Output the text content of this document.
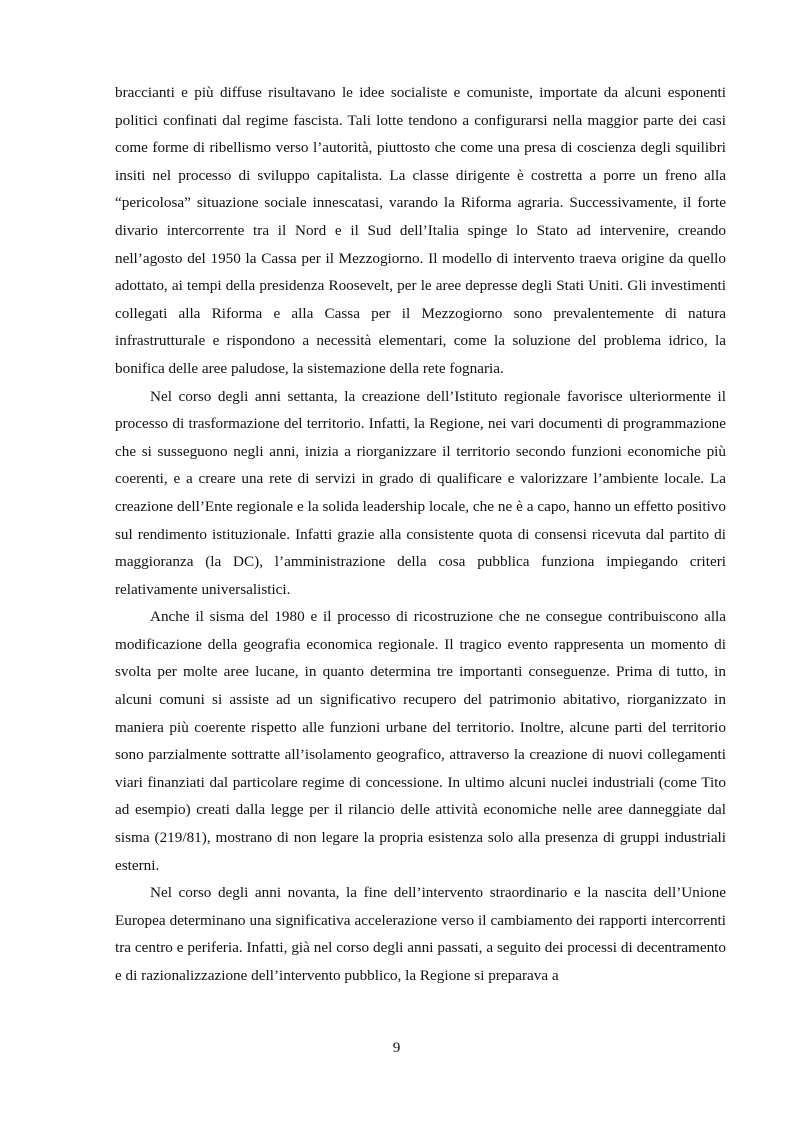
braccianti e più diffuse risultavano le idee socialiste e comuniste, importate da alcuni esponenti politici confinati dal regime fascista. Tali lotte tendono a configurarsi nella maggior parte dei casi come forme di ribellismo verso l’autorità, piuttosto che come una presa di coscienza degli squilibri insiti nel processo di sviluppo capitalista. La classe dirigente è costretta a porre un freno alla “pericolosa” situazione sociale innescatasi, varando la Riforma agraria. Successivamente, il forte divario intercorrente tra il Nord e il Sud dell’Italia spinge lo Stato ad intervenire, creando nell’agosto del 1950 la Cassa per il Mezzogiorno. Il modello di intervento traeva origine da quello adottato, ai tempi della presidenza Roosevelt, per le aree depresse degli Stati Uniti. Gli investimenti collegati alla Riforma e alla Cassa per il Mezzogiorno sono prevalentemente di natura infrastrutturale e rispondono a necessità elementari, come la soluzione del problema idrico, la bonifica delle aree paludose, la sistemazione della rete fognaria.

Nel corso degli anni settanta, la creazione dell’Istituto regionale favorisce ulteriormente il processo di trasformazione del territorio. Infatti, la Regione, nei vari documenti di programmazione che si susseguono negli anni, inizia a riorganizzare il territorio secondo funzioni economiche più coerenti, e a creare una rete di servizi in grado di qualificare e valorizzare l’ambiente locale. La creazione dell’Ente regionale e la solida leadership locale, che ne è a capo, hanno un effetto positivo sul rendimento istituzionale. Infatti grazie alla consistente quota di consensi ricevuta dal partito di maggioranza (la DC), l’amministrazione della cosa pubblica funziona impiegando criteri relativamente universalistici.

Anche il sisma del 1980 e il processo di ricostruzione che ne consegue contribuiscono alla modificazione della geografia economica regionale. Il tragico evento rappresenta un momento di svolta per molte aree lucane, in quanto determina tre importanti conseguenze. Prima di tutto, in alcuni comuni si assiste ad un significativo recupero del patrimonio abitativo, riorganizzato in maniera più coerente rispetto alle funzioni urbane del territorio. Inoltre, alcune parti del territorio sono parzialmente sottratte all’isolamento geografico, attraverso la creazione di nuovi collegamenti viari finanziati dal particolare regime di concessione. In ultimo alcuni nuclei industriali (come Tito ad esempio) creati dalla legge per il rilancio delle attività economiche nelle aree danneggiate dal sisma (219/81), mostrano di non legare la propria esistenza solo alla presenza di gruppi industriali esterni.

Nel corso degli anni novanta, la fine dell’intervento straordinario e la nascita dell’Unione Europea determinano una significativa accelerazione verso il cambiamento dei rapporti intercorrenti tra centro e periferia. Infatti, già nel corso degli anni passati, a seguito dei processi di decentramento e di razionalizzazione dell’intervento pubblico, la Regione si preparava a

9
